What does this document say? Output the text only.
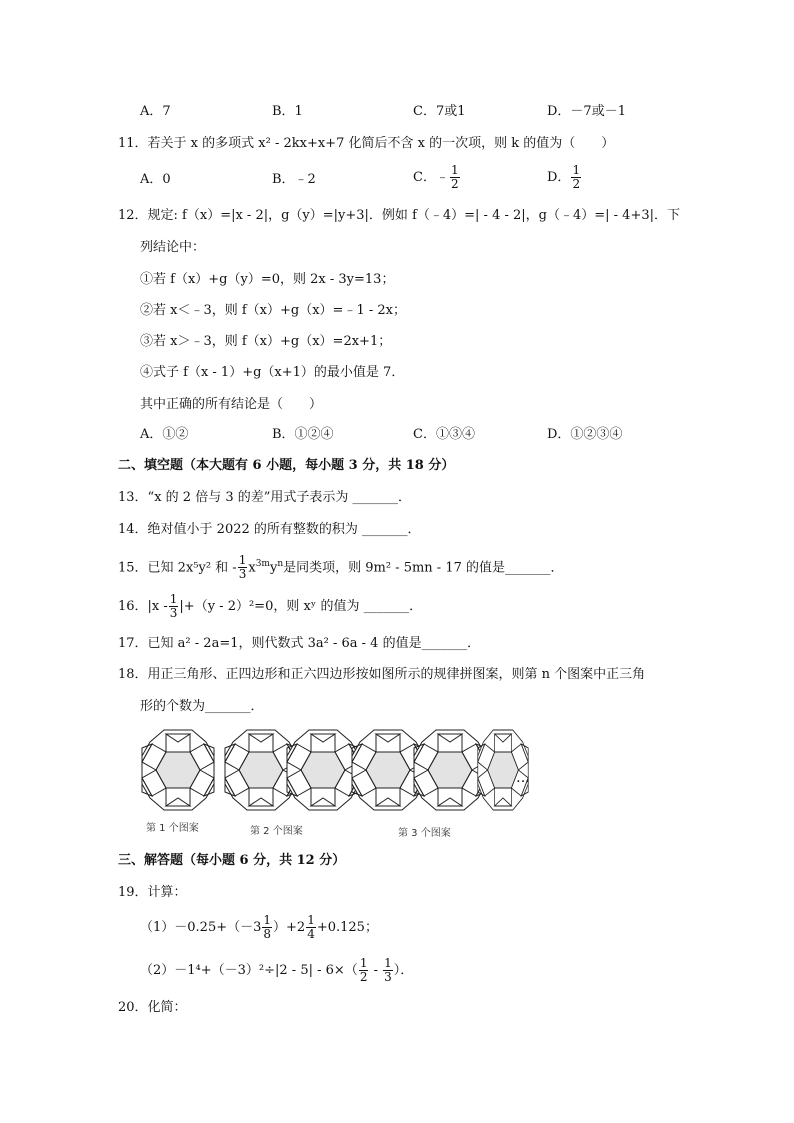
A．7	B．1	C．7或1	D．－7或－1
11．若关于 x 的多项式 x² - 2kx+x+7 化简后不含 x 的一次项，则 k 的值为（　　）
A．0	B．﹣2	C．﹣ $\frac{1}{2}$	D． $\frac{1}{2}$
12．规定: f（x）=|x - 2|，g（y）=|y+3|．例如 f（﹣4）=| - 4 - 2|，g（﹣4）=| - 4+3|．下
列结论中：
①若 f（x）+g（y）=0，则 2x - 3y=13；
②若 x＜﹣3，则 f（x）+g（x）=﹣1 - 2x；
③若 x＞﹣3，则 f（x）+g（x）=2x+1；
④式子 f（x - 1）+g（x+1）的最小值是 7．
其中正确的所有结论是（　　）
A．①②	B．①②④	C．①③④	D．①②③④
二、填空题（本大题有 6 小题，每小题 3 分，共 18 分）
13．“x 的 2 倍与 3 的差”用式子表示为 _______．
14．绝对值小于 2022 的所有整数的积为 _______．
15．已知 2x⁵y² 和 - $\frac{1}{3} x^{3m}y^n$是同类项，则 9m² - 5mn - 17 的值是_______．
16．$|x - \frac{1}{3} |+(y - 2)^2=0$，则 xʸ 的值为 _______．
17．已知 a² - 2a=1，则代数式 3a² - 6a - 4 的值是_______．
18．用正三角形、正四边形和正六四边形按如图所示的规律拼图案，则第 n 个图案中正三角
形的个数为_______．
…
第 1 个图案	第 2 个图案	第 3 个图案
三、解答题（每小题 6 分，共 12 分）
19．计算：
$(1)-0.25+(-3 \frac{1}{8} )+2 \frac{1}{4} +0.125$；
$(2)-1^4+(-3)^2\div|2 - 5| - 6\times( \frac{1}{2} - \frac{1}{3}$ ）．
20．化简：
